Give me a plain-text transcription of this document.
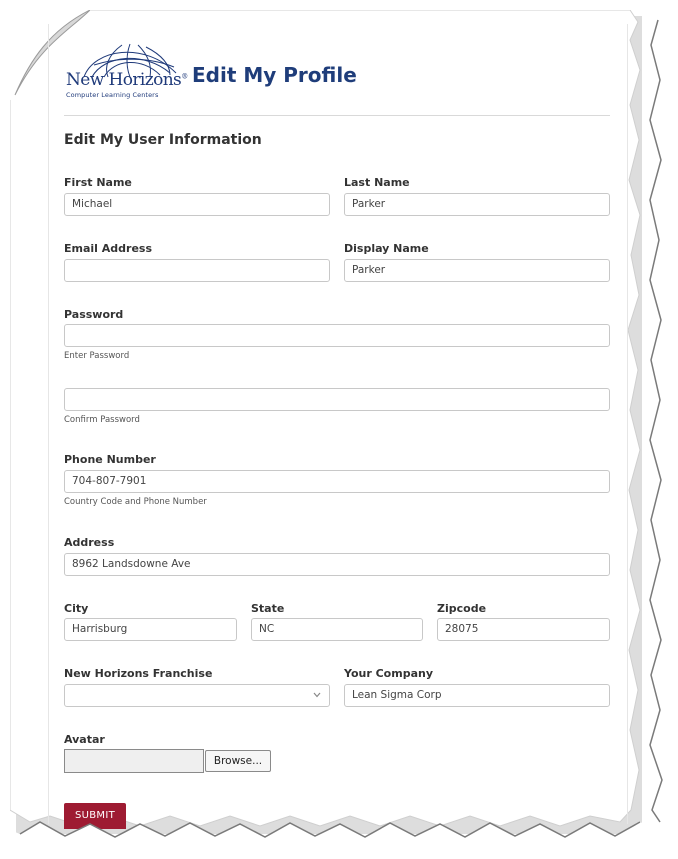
New Horizons®
Computer Learning Centers
Edit My Profile
Edit My User Information
First Name
Michael
Last Name
Parker
Email Address	Display Name
Parker
Password
Enter Password
Confirm Password
Phone Number
704-807-7901
Country Code and Phone Number
Address
8962 Landsdowne Ave
City
Harrisburg
State
NC
Zipcode
28075
New Horizons Franchise	Your Company
Lean Sigma Corp
Avatar
Browse...
SUBMIT
